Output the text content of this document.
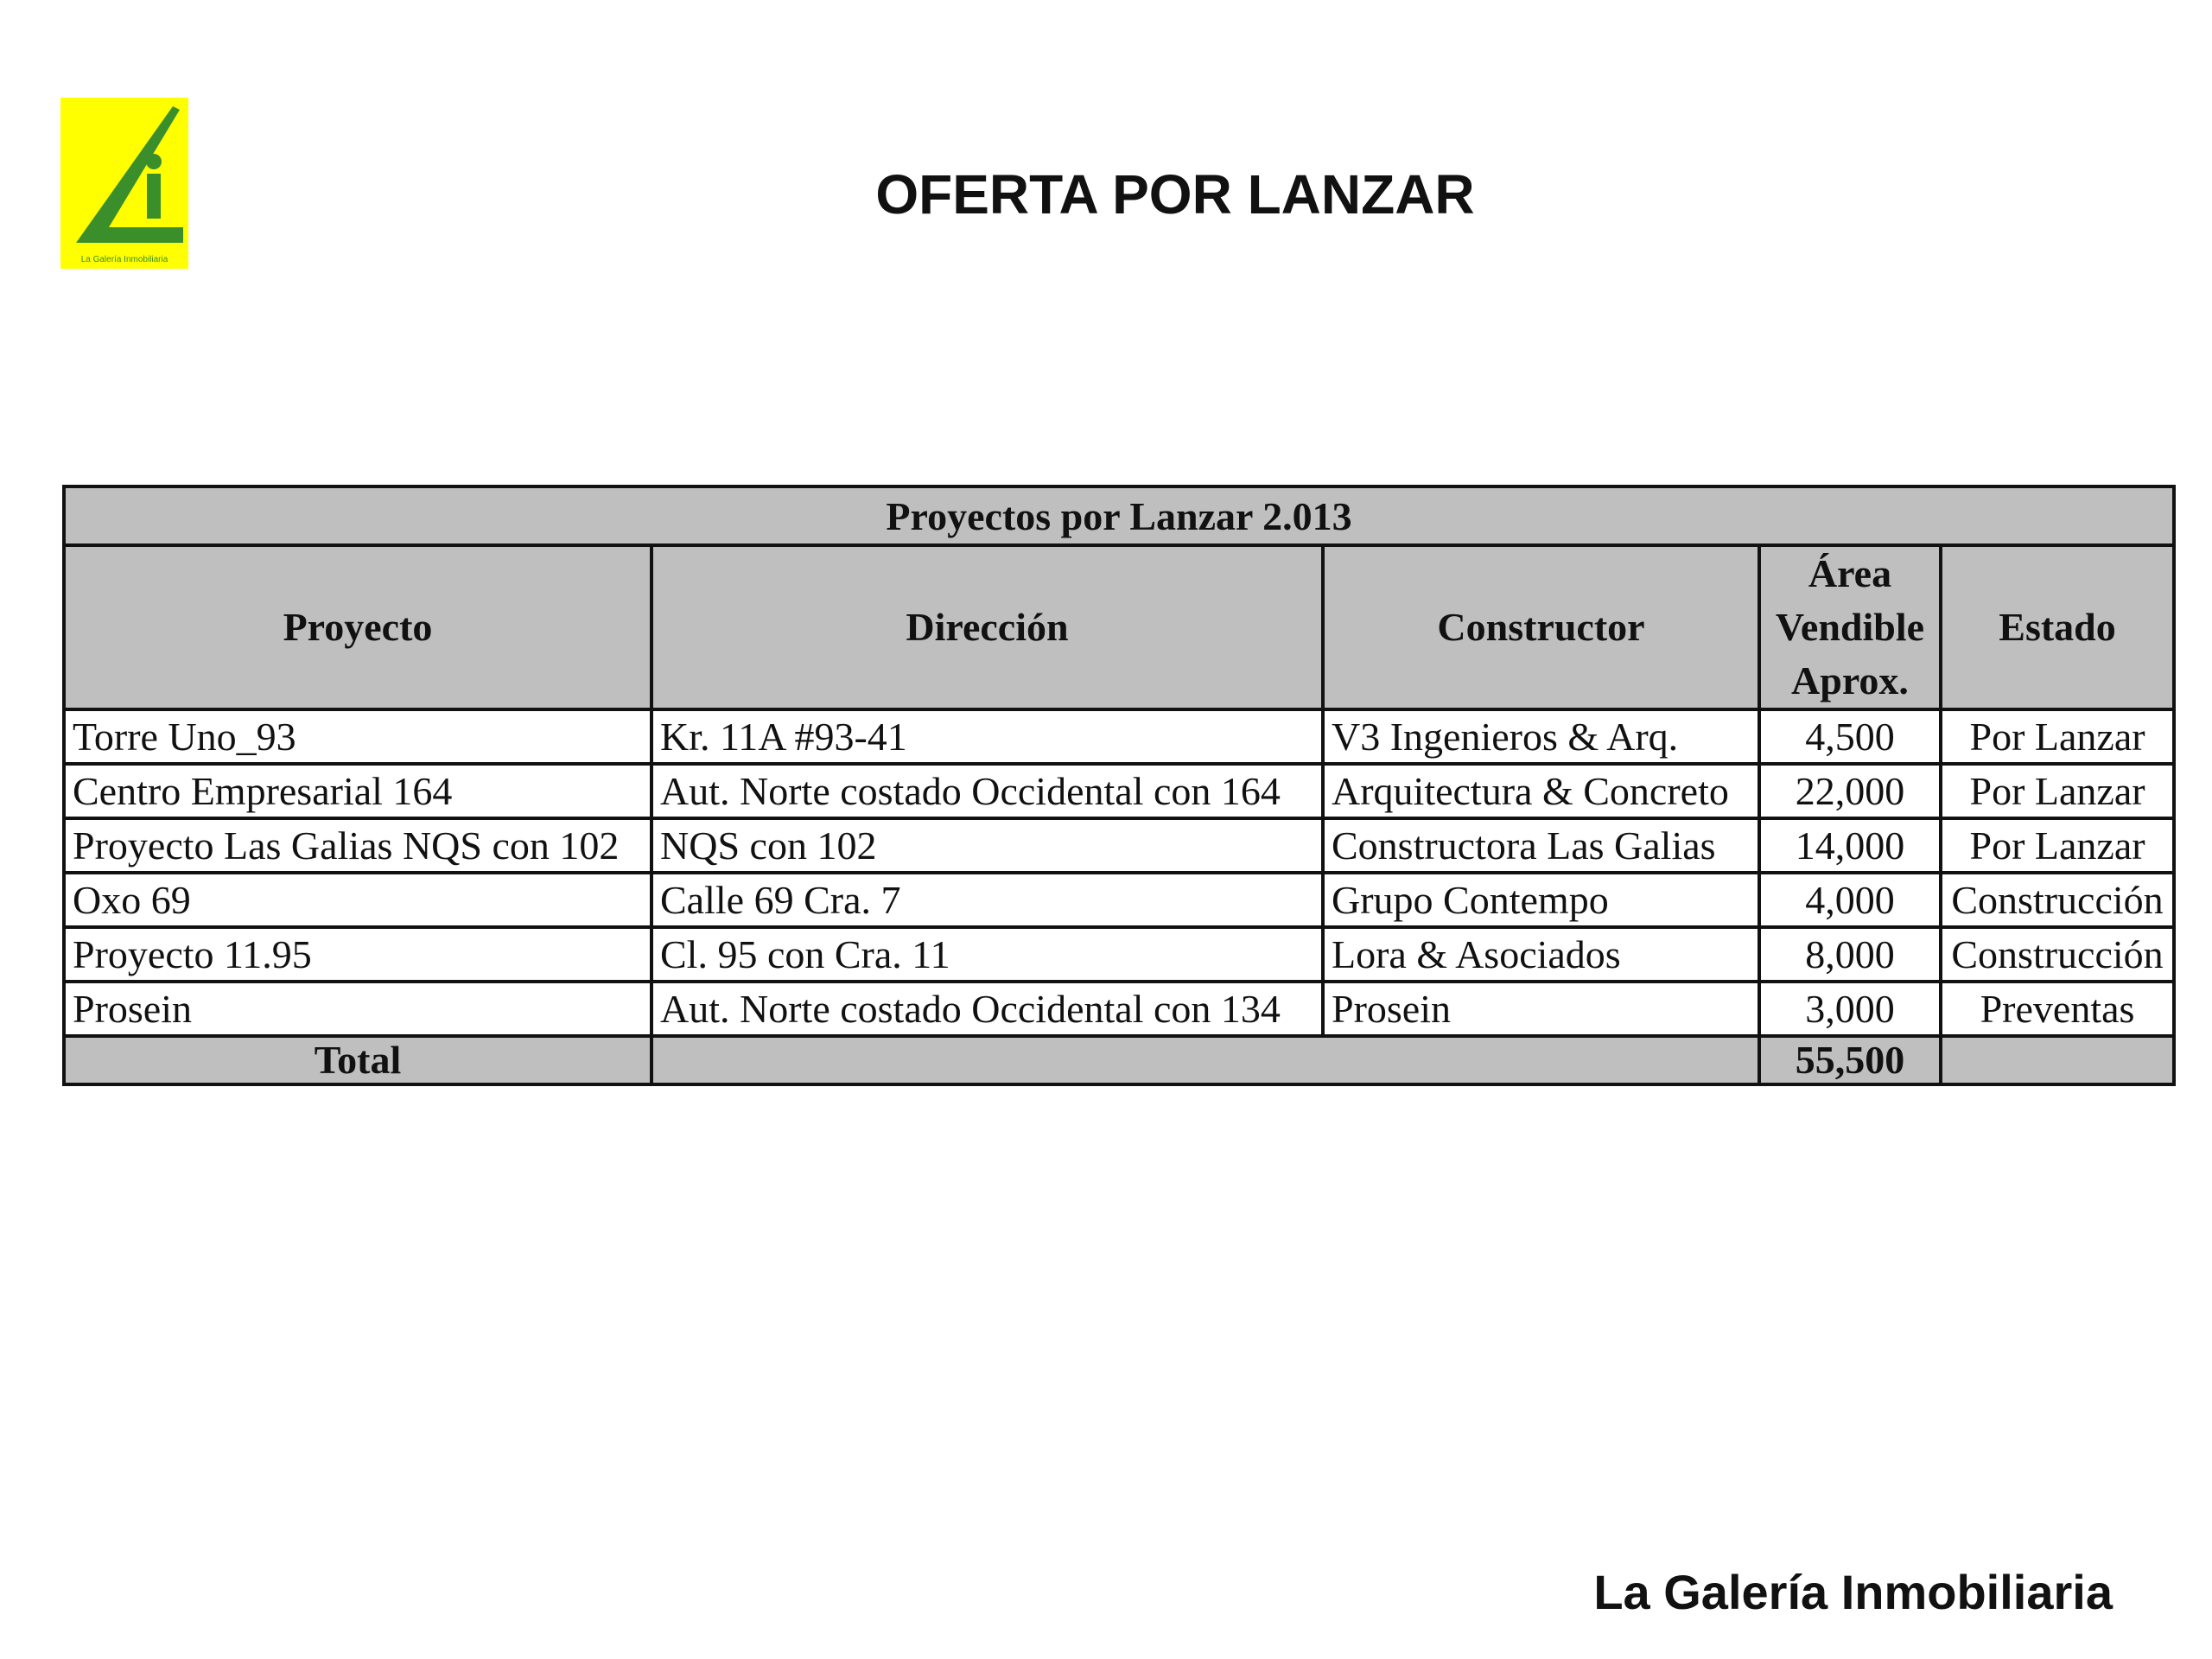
La Galería Inmobiliaria
OFERTA POR LANZAR
Proyectos por Lanzar 2.013				
Proyecto	Dirección	Constructor	Área Vendible Aprox.	Estado
Torre Uno_93	Kr. 11A #93-41	V3 Ingenieros & Arq.	4,500	Por Lanzar
Centro Empresarial 164	Aut. Norte costado Occidental con 164	Arquitectura & Concreto	22,000	Por Lanzar
Proyecto Las Galias NQS con 102	NQS con 102	Constructora Las Galias	14,000	Por Lanzar
Oxo 69	Calle 69 Cra. 7	Grupo Contempo	4,000	Construcción
Proyecto 11.95	Cl. 95 con Cra. 11	Lora & Asociados	8,000	Construcción
Prosein	Aut. Norte costado Occidental con 134	Prosein	3,000	Preventas
Total			55,500	
La Galería Inmobiliaria
